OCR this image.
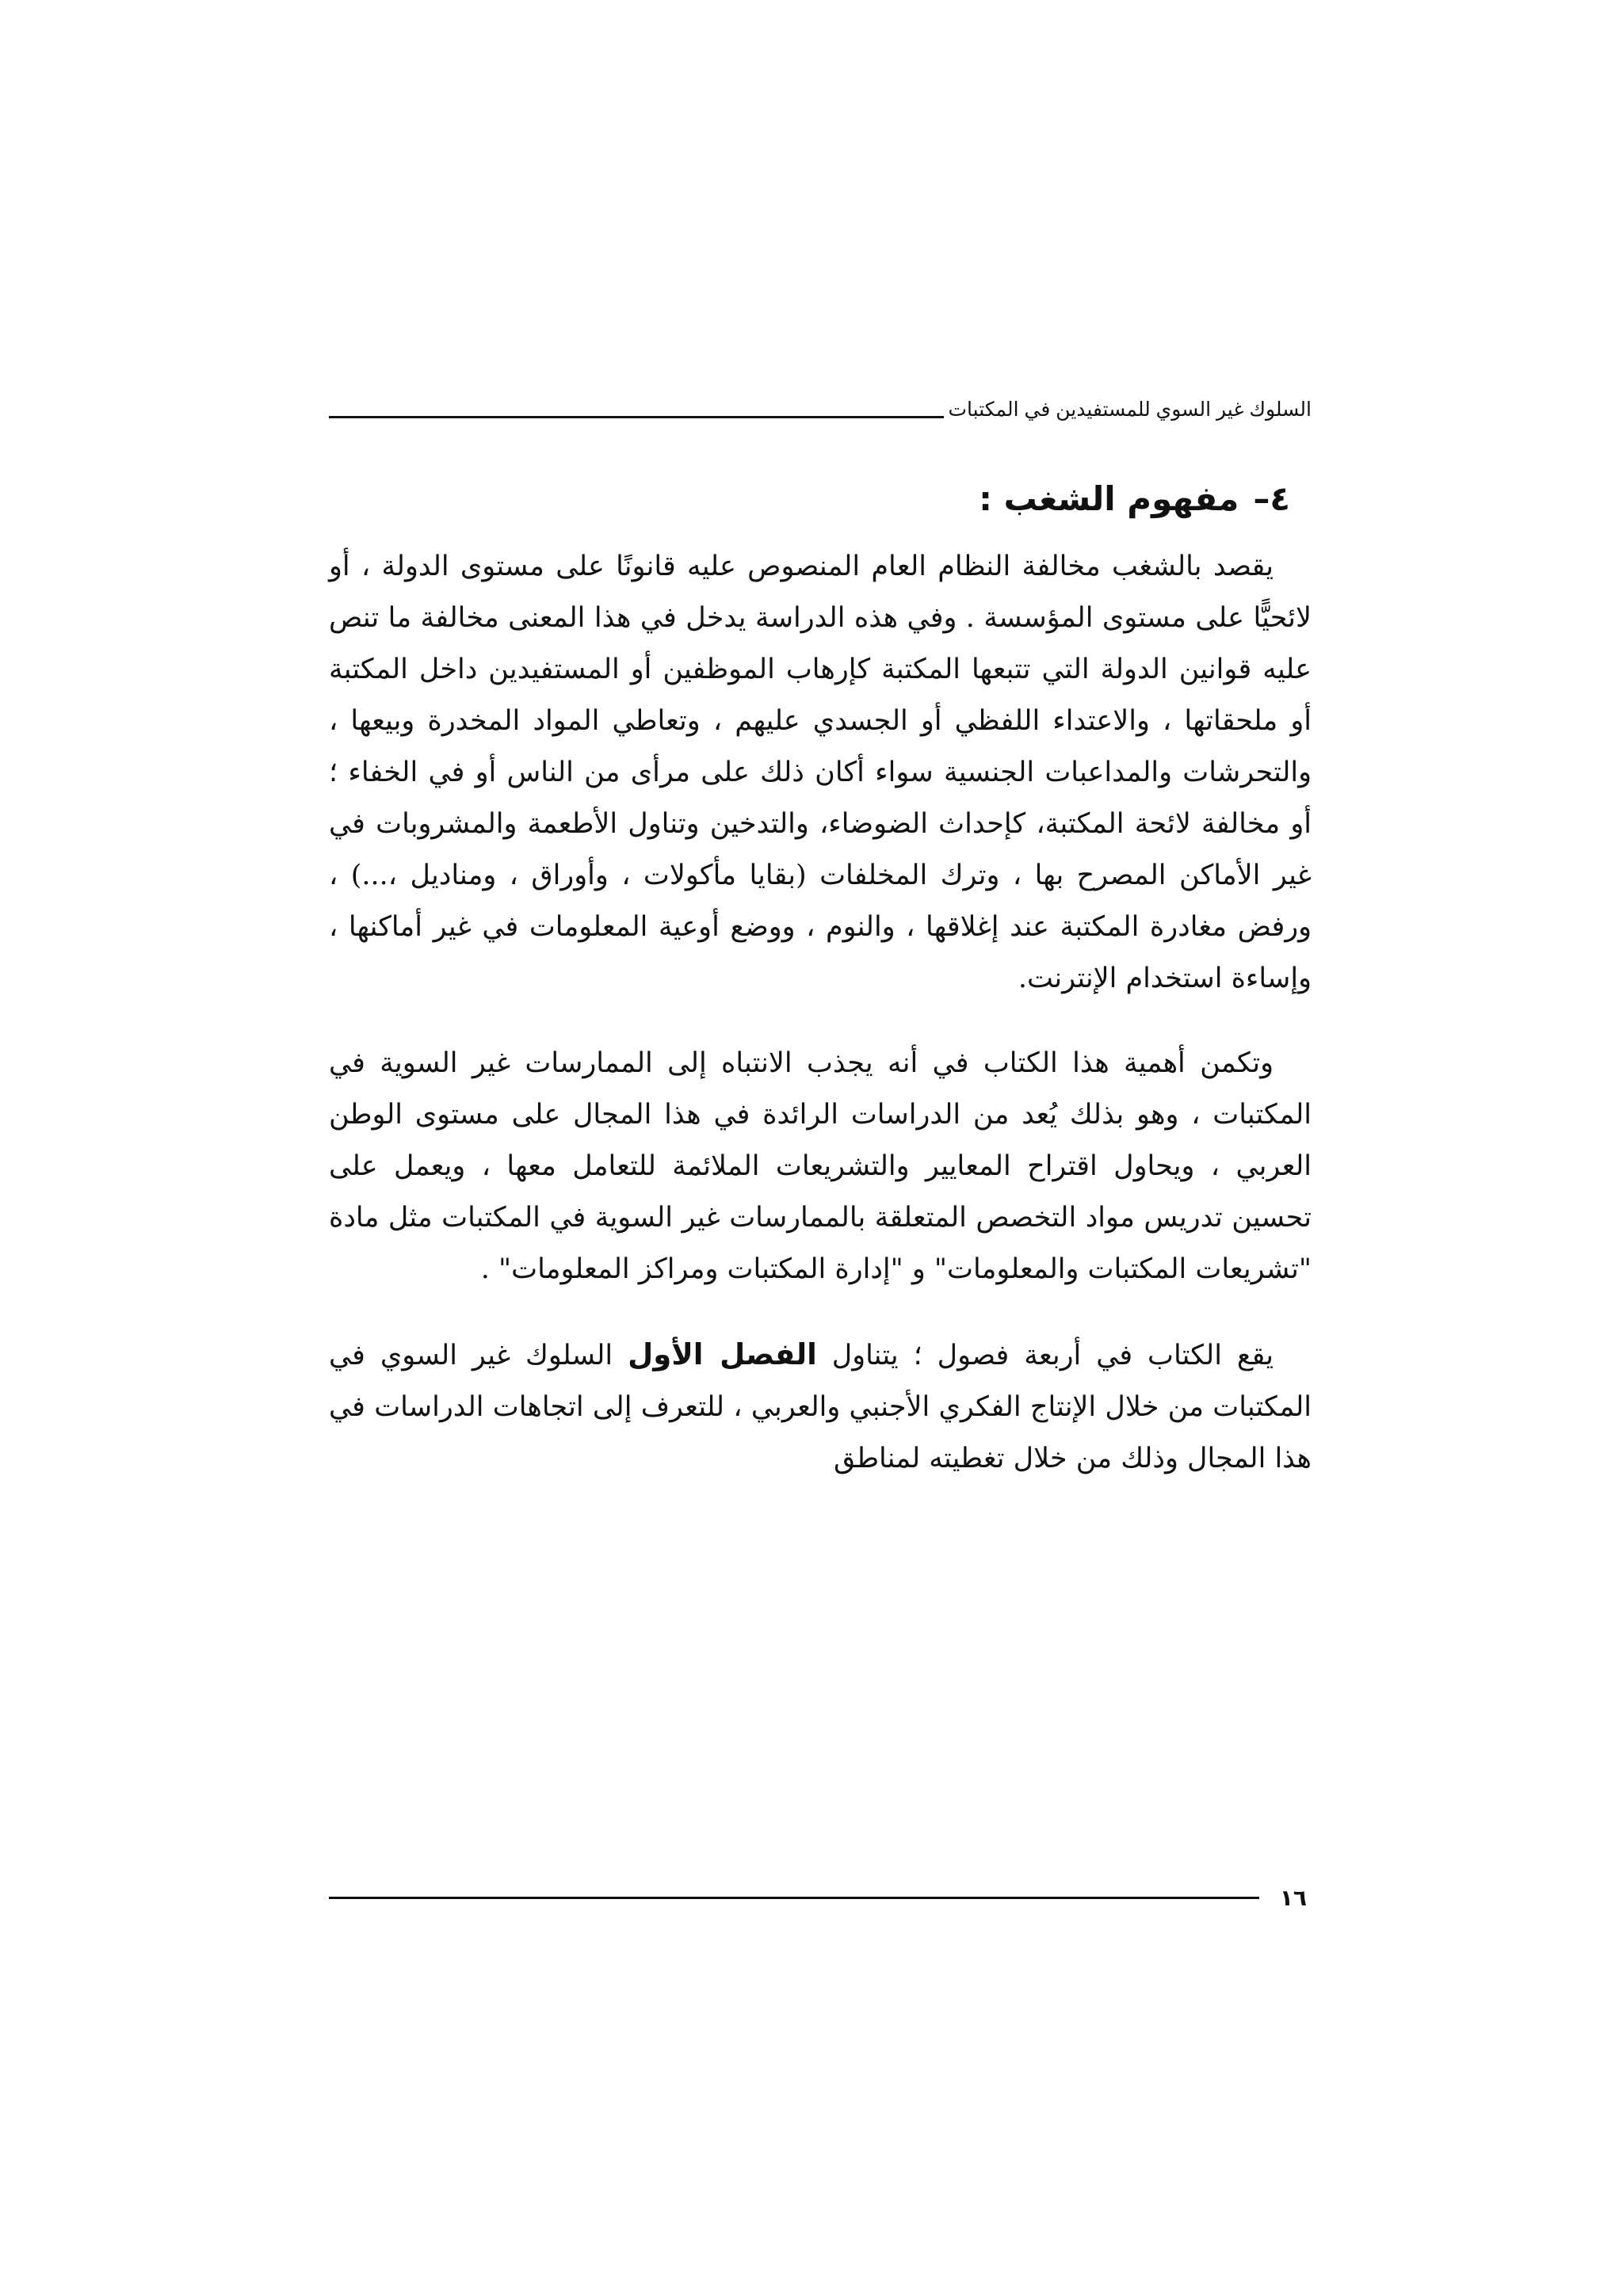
السلوك غير السوي للمستفيدين في المكتبات
٤–مفهوم الشغب :

يقصد بالشغب مخالفة النظام العام المنصوص عليه قانونًا على مستوى الدولة ، أو لائحيًّا على مستوى المؤسسة . وفي هذه الدراسة يدخل في هذا المعنى مخالفة ما تنص عليه قوانين الدولة التي تتبعها المكتبة كإرهاب الموظفين أو المستفيدين داخل المكتبة أو ملحقاتها ، والاعتداء اللفظي أو الجسدي عليهم ، وتعاطي المواد المخدرة وبيعها ، والتحرشات والمداعبات الجنسية سواء أكان ذلك على مرأى من الناس أو في الخفاء ؛ أو مخالفة لائحة المكتبة، كإحداث الضوضاء، والتدخين وتناول الأطعمة والمشروبات في غير الأماكن المصرح بها ، وترك المخلفات (بقايا مأكولات ، وأوراق ، ومناديل ،...) ، ورفض مغادرة المكتبة عند إغلاقها ، والنوم ، ووضع أوعية المعلومات في غير أماكنها ، وإساءة استخدام الإنترنت.

وتكمن أهمية هذا الكتاب في أنه يجذب الانتباه إلى الممارسات غير السوية في المكتبات ، وهو بذلك يُعد من الدراسات الرائدة في هذا المجال على مستوى الوطن العربي ، ويحاول اقتراح المعايير والتشريعات الملائمة للتعامل معها ، ويعمل على تحسين تدريس مواد التخصص المتعلقة بالممارسات غير السوية في المكتبات مثل مادة "تشريعات المكتبات والمعلومات" و "إدارة المكتبات ومراكز المعلومات" .

يقع الكتاب في أربعة فصول ؛ يتناول الفصل الأول السلوك غير السوي في المكتبات من خلال الإنتاج الفكري الأجنبي والعربي ، للتعرف إلى اتجاهات الدراسات في هذا المجال وذلك من خلال تغطيته لمناطق

١٦
